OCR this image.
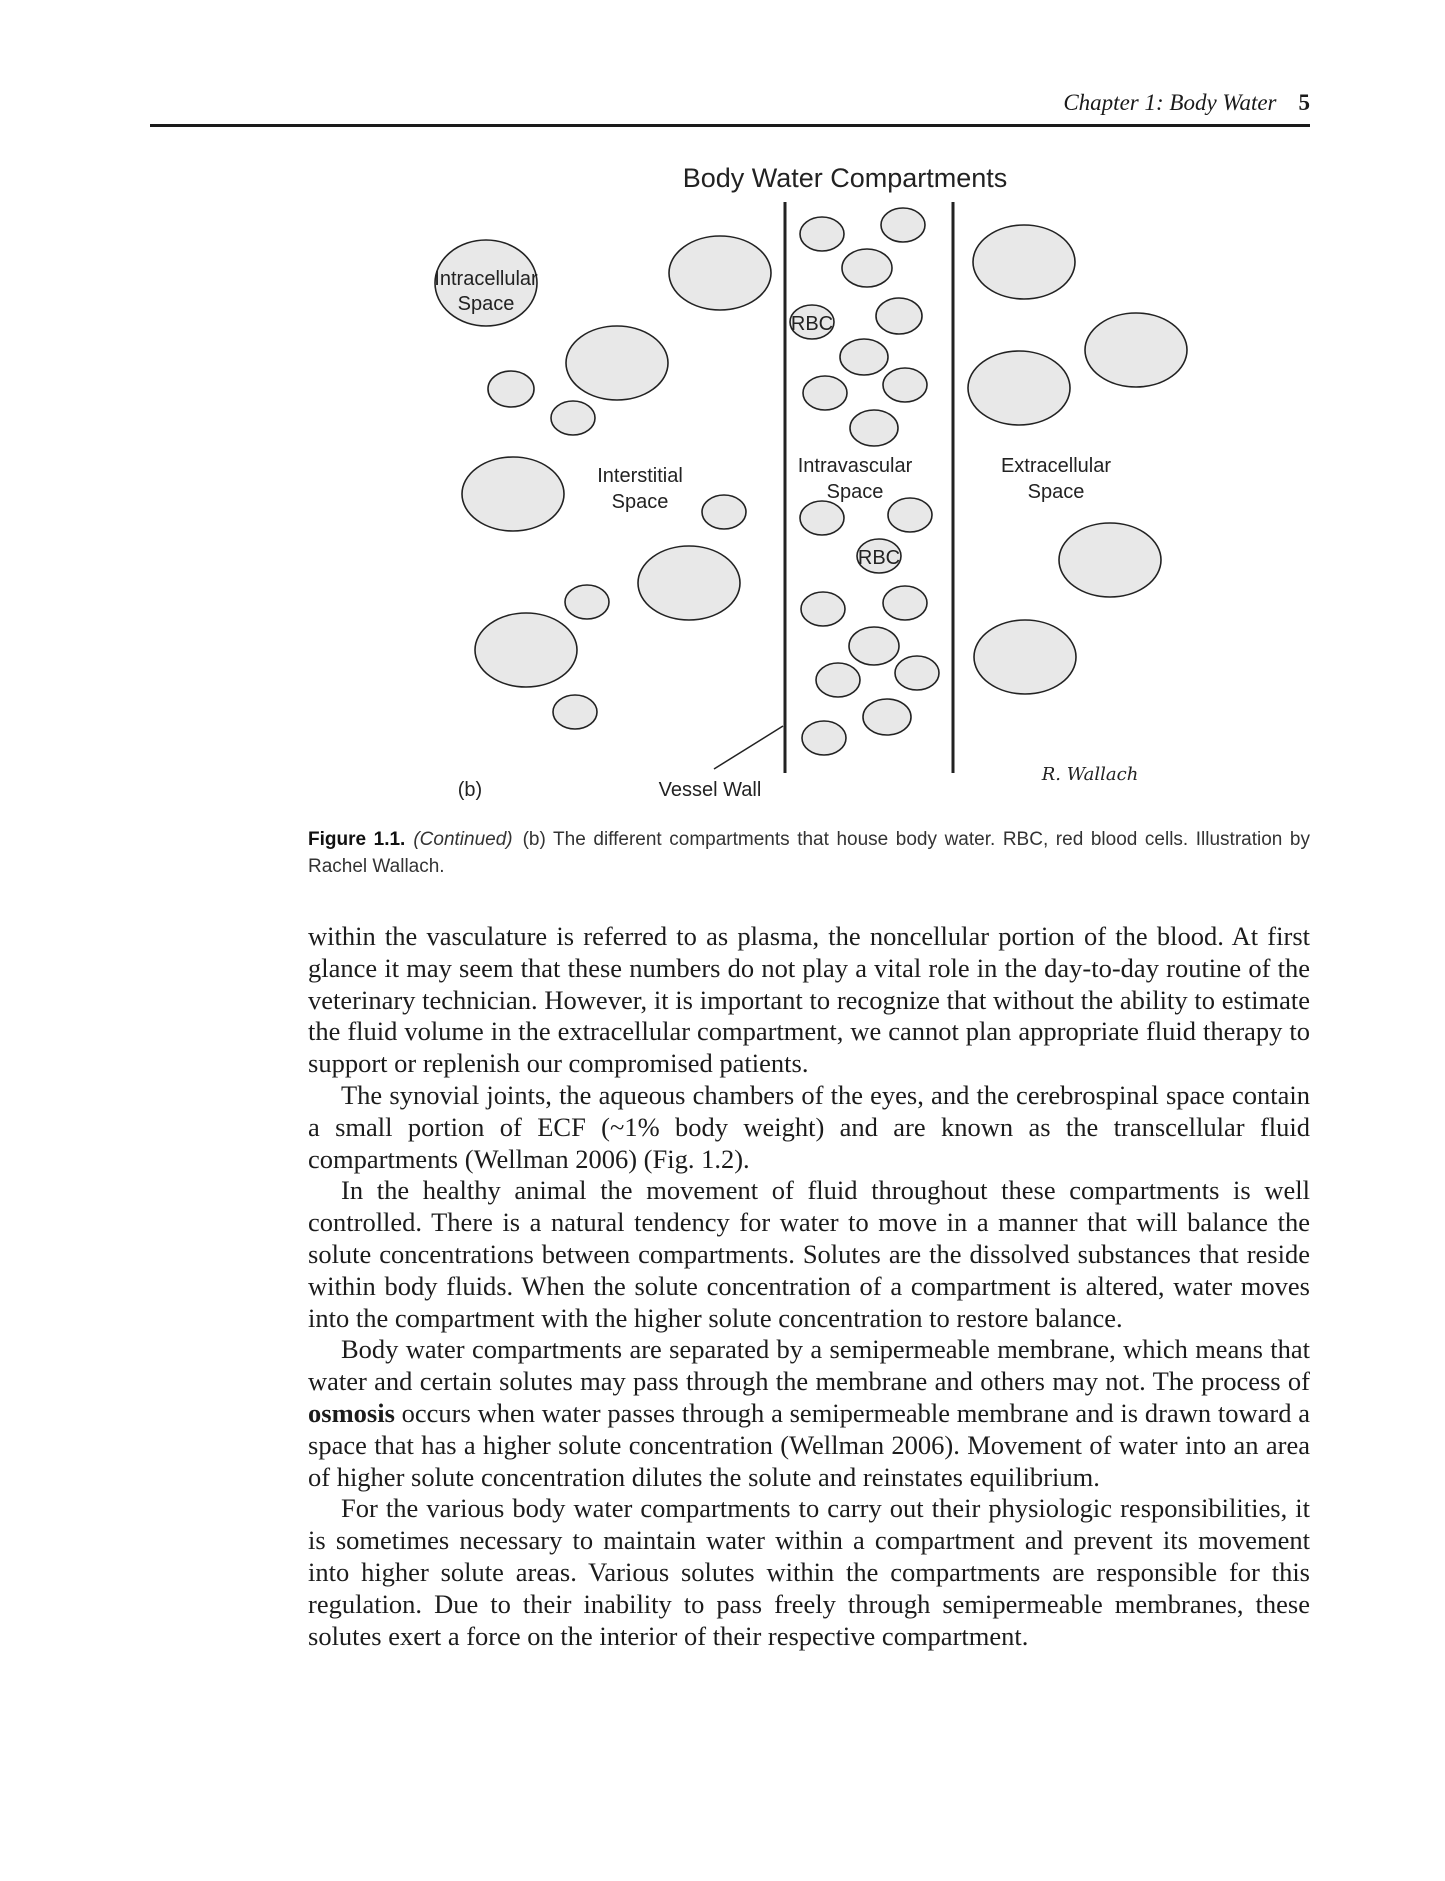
Chapter 1: Body Water 5
Body Water Compartments
Interstitial
Space
Intravascular
Space
Extracellular
Space
(b)	Vessel Wall
R. Wallach
Intracellular
Space
RBC
RBC
Figure 1.1. (Continued) (b) The different compartments that house body water. RBC, red blood cells. Illustration by Rachel Wallach.

within the vasculature is referred to as plasma, the noncellular portion of the blood. At first glance it may seem that these numbers do not play a vital role in the day-to-day routine of the veterinary technician. However, it is important to recognize that without the ability to estimate the fluid volume in the extracellular compartment, we cannot plan appropriate fluid therapy to support or replenish our compromised patients.

The synovial joints, the aqueous chambers of the eyes, and the cerebrospinal space contain a small portion of ECF (~1% body weight) and are known as the transcellular fluid compartments (Wellman 2006) (Fig. 1.2).

In the healthy animal the movement of fluid throughout these compartments is well controlled. There is a natural tendency for water to move in a manner that will balance the solute concentrations between compartments. Solutes are the dissolved substances that reside within body fluids. When the solute concentration of a compartment is altered, water moves into the compartment with the higher solute concentration to restore balance.

Body water compartments are separated by a semipermeable membrane, which means that water and certain solutes may pass through the membrane and others may not. The process of osmosis occurs when water passes through a semipermeable membrane and is drawn toward a space that has a higher solute concentration (Wellman 2006). Movement of water into an area of higher solute concentration dilutes the solute and reinstates equilibrium.

For the various body water compartments to carry out their physiologic responsibilities, it is sometimes necessary to maintain water within a compartment and prevent its movement into higher solute areas. Various solutes within the compartments are responsible for this regulation. Due to their inability to pass freely through semipermeable membranes, these solutes exert a force on the interior of their respective compartment.
